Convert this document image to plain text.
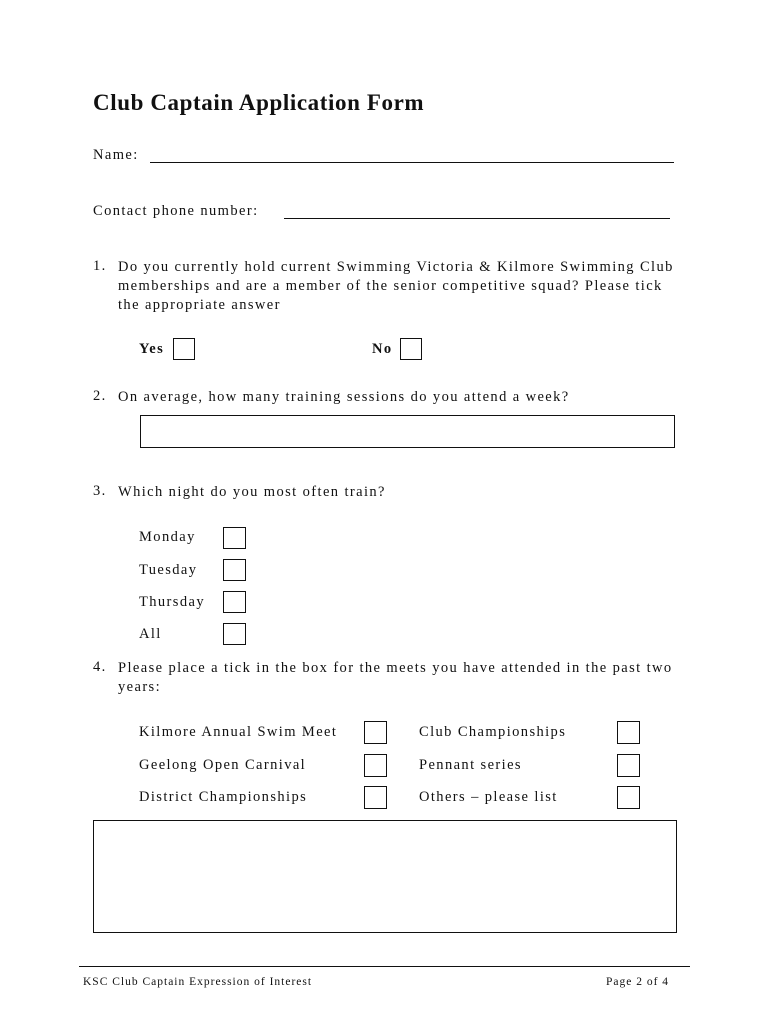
Club Captain Application Form
Name:
Contact phone number:
1. Do you currently hold current Swimming Victoria & Kilmore Swimming Club memberships and are a member of the senior competitive squad? Please tick the appropriate answer
Yes	No
2. On average, how many training sessions do you attend a week?
3. Which night do you most often train?
Monday
Tuesday
Thursday
All
4. Please place a tick in the box for the meets you have attended in the past two years:
Kilmore Annual Swim Meet
Geelong Open Carnival
District Championships
Club Championships
Pennant series
Others – please list
KSC Club Captain Expression of Interest	Page 2 of 4
